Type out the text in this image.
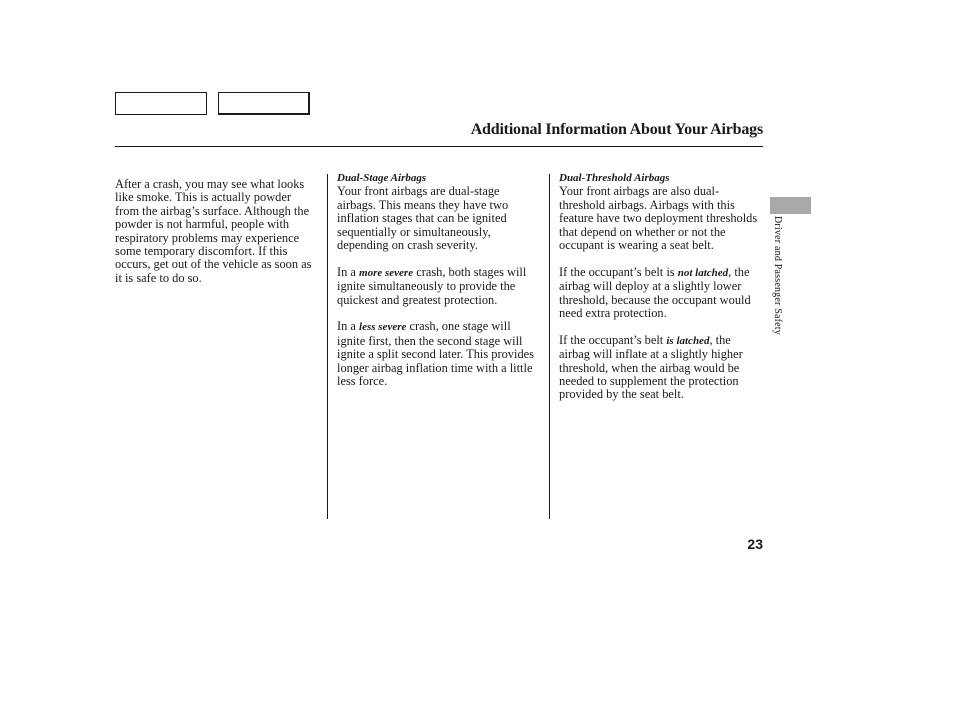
Additional Information About Your Airbags

After a crash, you may see what looks like smoke. This is actually powder from the airbag’s surface. Although the powder is not harmful, people with respiratory problems may experience some temporary discomfort. If this occurs, get out of the vehicle as soon as it is safe to do so.

Dual-Stage Airbags

Your front airbags are dual-stage airbags. This means they have two inflation stages that can be ignited sequentially or simultaneously, depending on crash severity.

In a more severe crash, both stages will ignite simultaneously to provide the quickest and greatest protection.

In a less severe crash, one stage will ignite first, then the second stage will ignite a split second later. This provides longer airbag inflation time with a little less force.

Dual-Threshold Airbags

Your front airbags are also dual-threshold airbags. Airbags with this feature have two deployment thresholds that depend on whether or not the occupant is wearing a seat belt.

If the occupant’s belt is not latched, the airbag will deploy at a slightly lower threshold, because the occupant would need extra protection.

If the occupant’s belt is latched, the airbag will inflate at a slightly higher threshold, when the airbag would be needed to supplement the protection provided by the seat belt.

Driver and Passenger Safety
23
